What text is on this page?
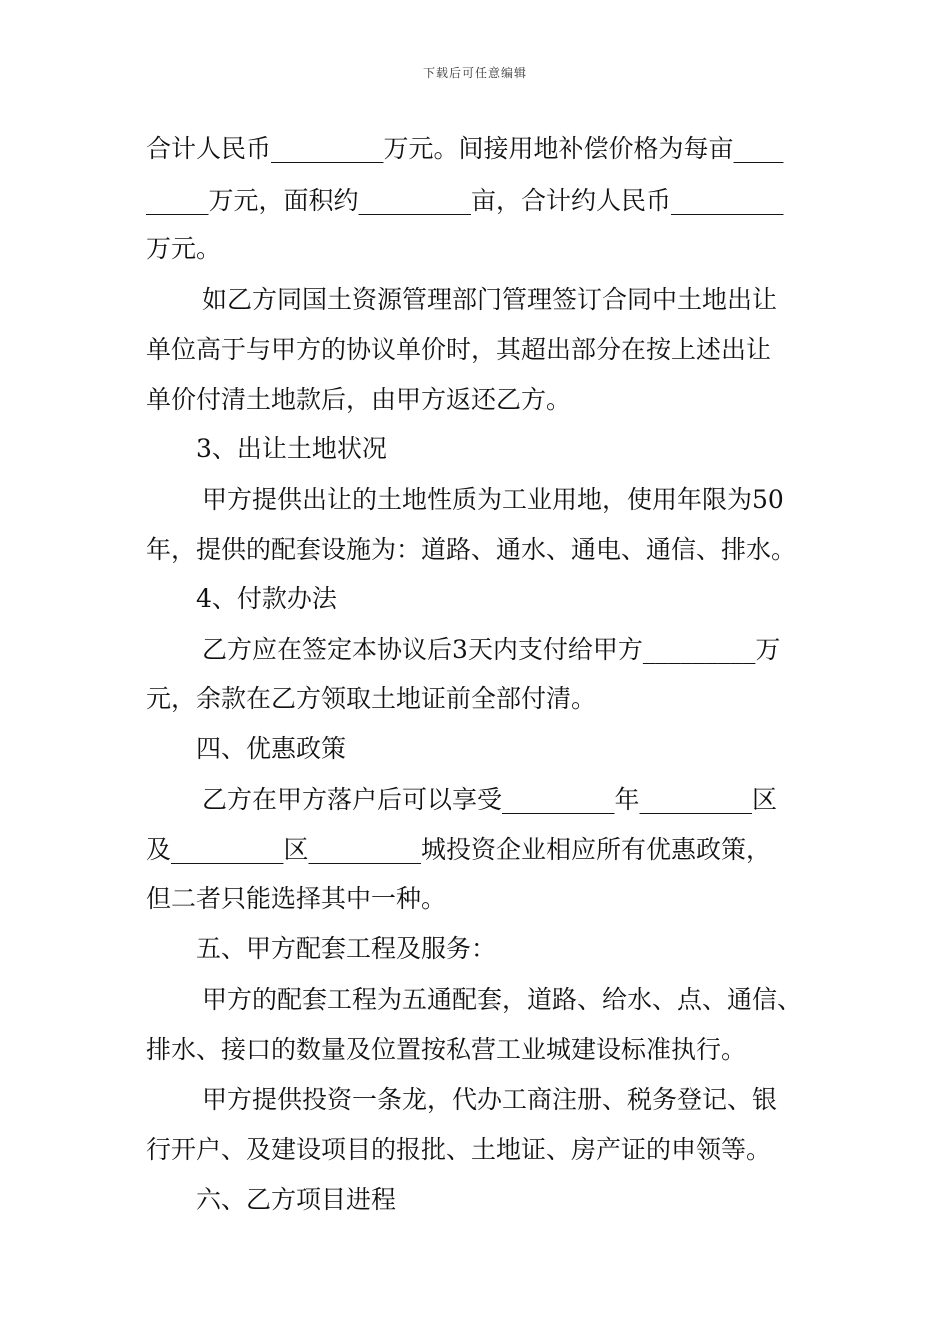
下载后可任意编辑
合计人民币_________万元。间接用地补偿价格为每亩____
_____万元，面积约_________亩，合计约人民币_________
万元。
如乙方同国土资源管理部门管理签订合同中土地出让
单位高于与甲方的协议单价时，其超出部分在按上述出让
单价付清土地款后，由甲方返还乙方。
3、出让土地状况
甲方提供出让的土地性质为工业用地，使用年限为50
年，提供的配套设施为：道路、通水、通电、通信、排水。
4、付款办法
乙方应在签定本协议后3天内支付给甲方_________万
元，余款在乙方领取土地证前全部付清。
四、优惠政策
乙方在甲方落户后可以享受_________年_________区
及_________区_________城投资企业相应所有优惠政策，
但二者只能选择其中一种。
五、甲方配套工程及服务：
甲方的配套工程为五通配套，道路、给水、点、通信、
排水、接口的数量及位置按私营工业城建设标准执行。
甲方提供投资一条龙，代办工商注册、税务登记、银
行开户、及建设项目的报批、土地证、房产证的申领等。
六、乙方项目进程
